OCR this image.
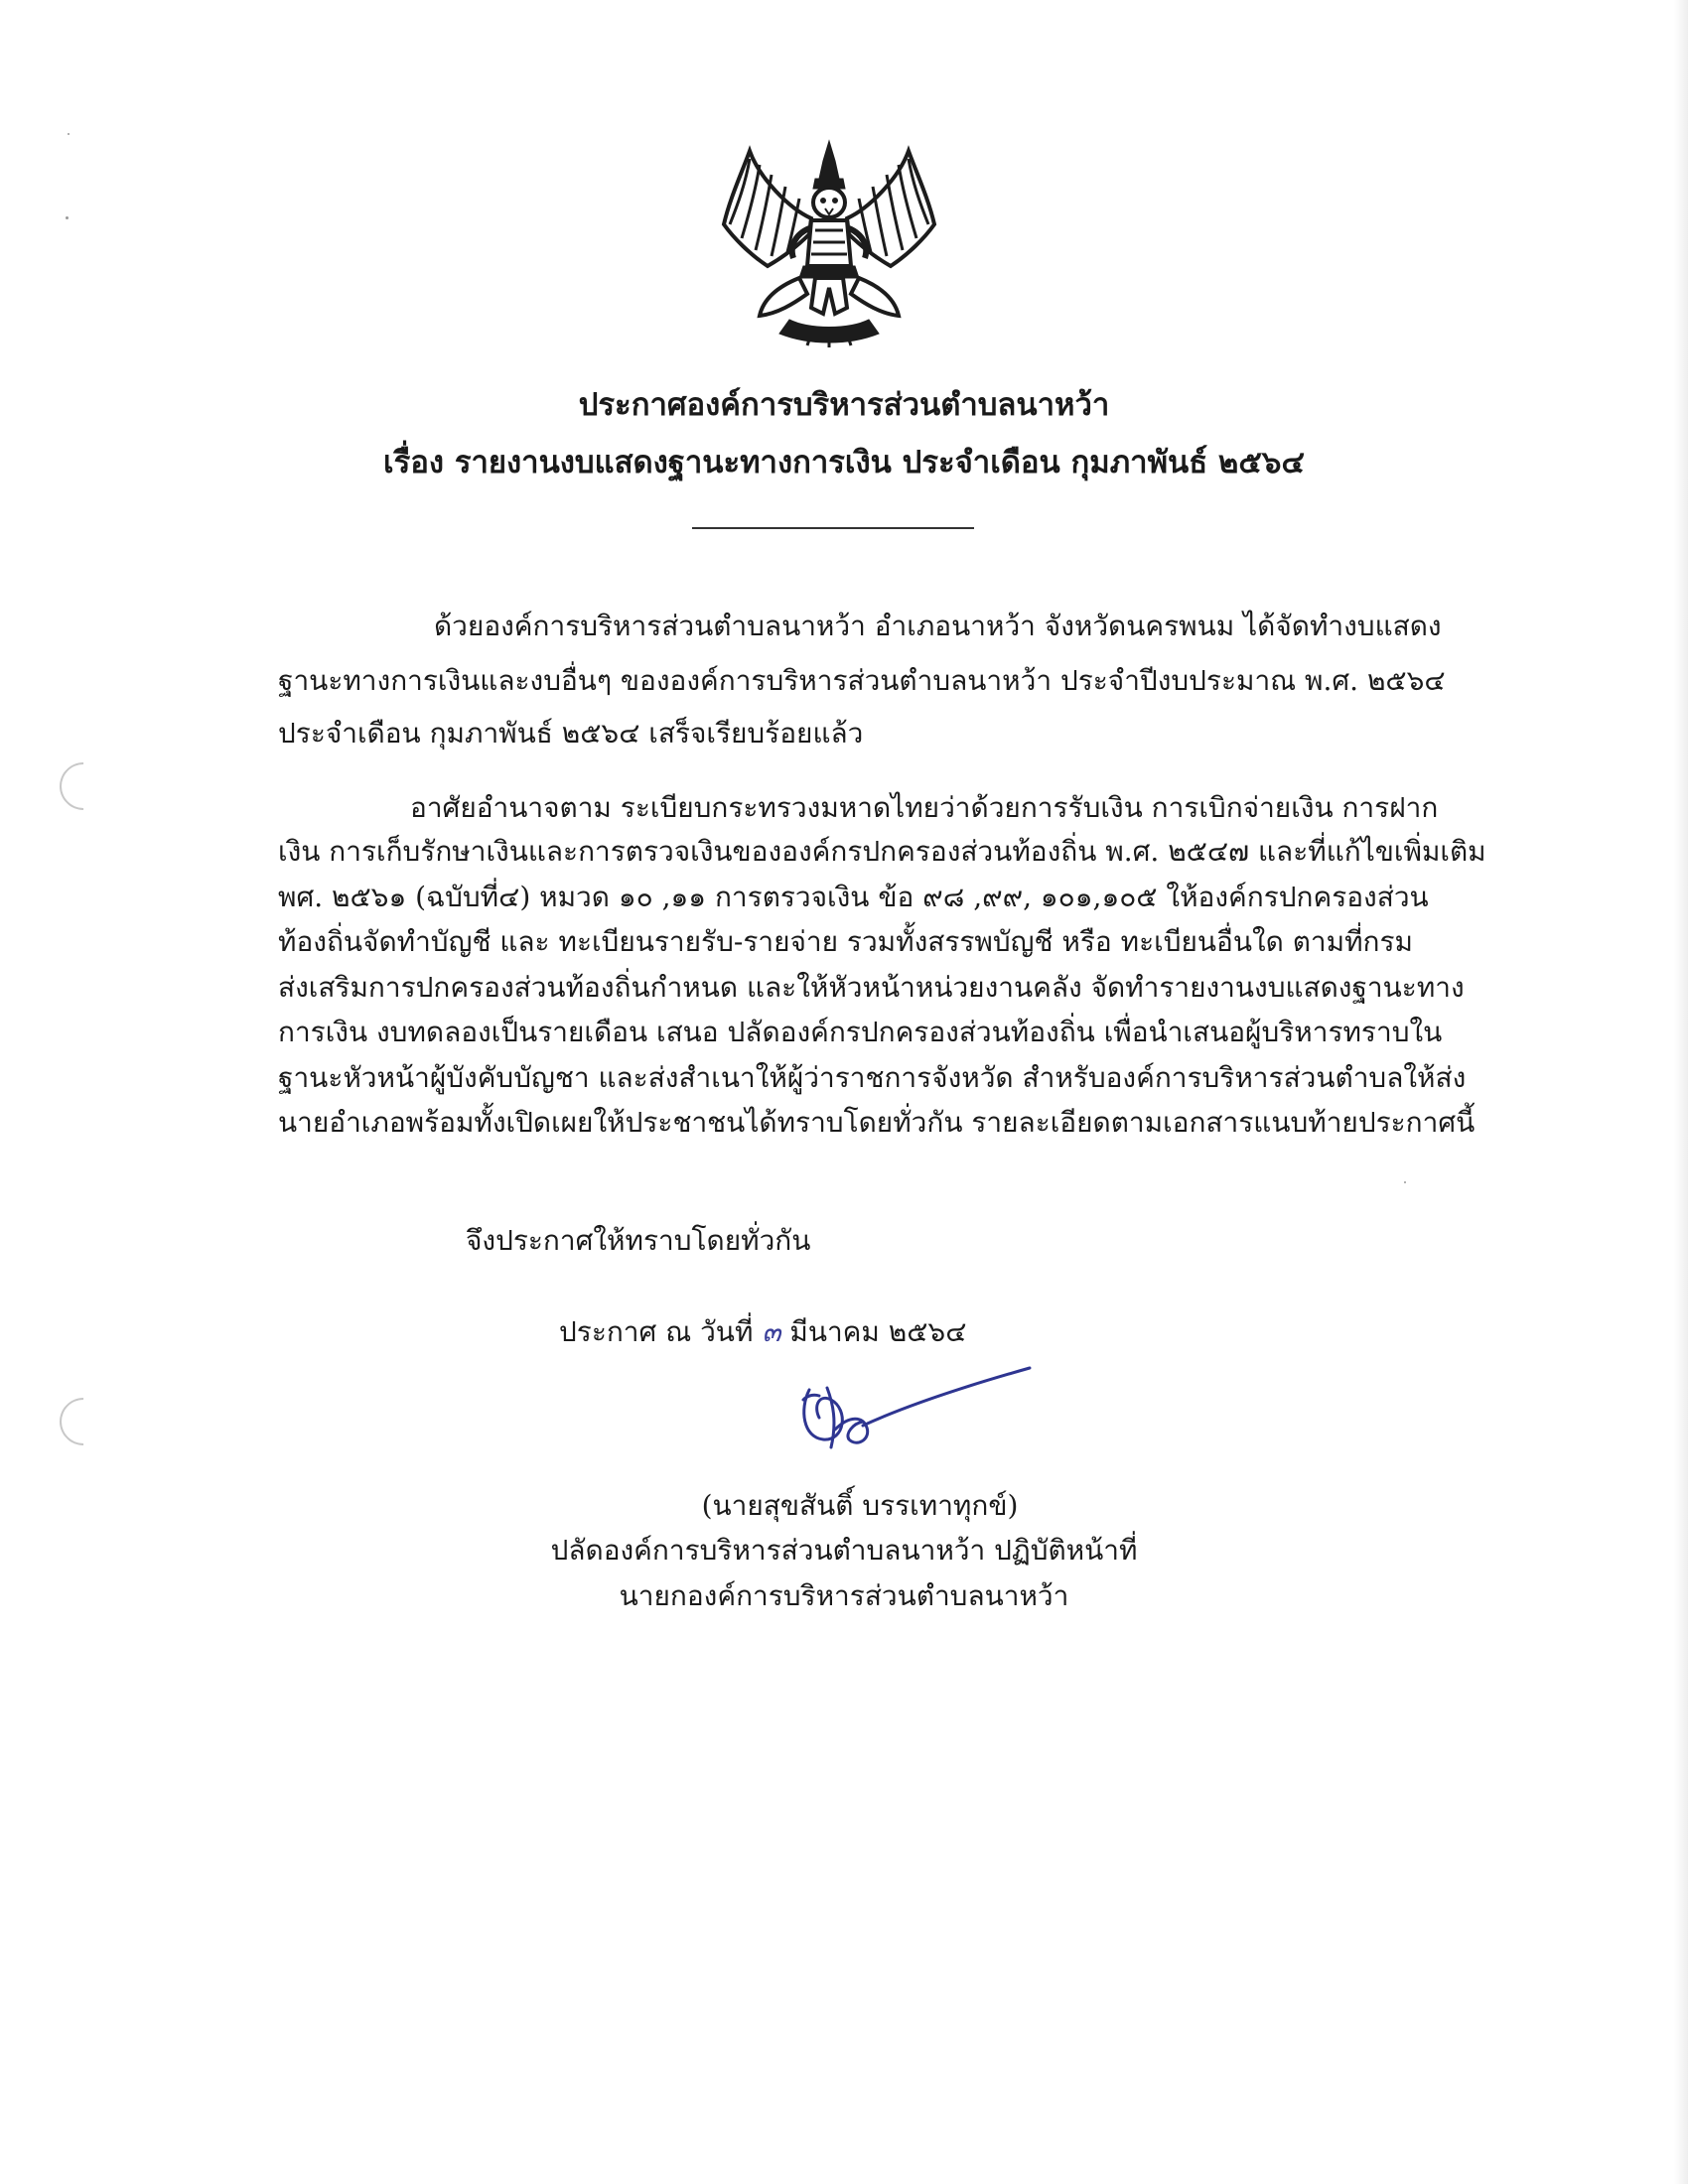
ประกาศองค์การบริหารส่วนตำบลนาหว้า
เรื่อง รายงานงบแสดงฐานะทางการเงิน ประจำเดือน กุมภาพันธ์ ๒๕๖๔
ด้วยองค์การบริหารส่วนตำบลนาหว้า อำเภอนาหว้า จังหวัดนครพนม ได้จัดทำงบแสดง
ฐานะทางการเงินและงบอื่นๆ ขององค์การบริหารส่วนตำบลนาหว้า ประจำปีงบประมาณ พ.ศ. ๒๕๖๔
ประจำเดือน กุมภาพันธ์ ๒๕๖๔ เสร็จเรียบร้อยแล้ว
อาศัยอำนาจตาม ระเบียบกระทรวงมหาดไทยว่าด้วยการรับเงิน การเบิกจ่ายเงิน การฝาก
เงิน การเก็บรักษาเงินและการตรวจเงินขององค์กรปกครองส่วนท้องถิ่น พ.ศ. ๒๕๔๗ และที่แก้ไขเพิ่มเติม
พศ. ๒๕๖๑ (ฉบับที่๔) หมวด ๑๐ ,๑๑ การตรวจเงิน ข้อ ๙๘ ,๙๙, ๑๐๑,๑๐๕ ให้องค์กรปกครองส่วน
ท้องถิ่นจัดทำบัญชี และ ทะเบียนรายรับ-รายจ่าย รวมทั้งสรรพบัญชี หรือ ทะเบียนอื่นใด ตามที่กรม
ส่งเสริมการปกครองส่วนท้องถิ่นกำหนด และให้หัวหน้าหน่วยงานคลัง จัดทำรายงานงบแสดงฐานะทาง
การเงิน งบทดลองเป็นรายเดือน เสนอ ปลัดองค์กรปกครองส่วนท้องถิ่น เพื่อนำเสนอผู้บริหารทราบใน
ฐานะหัวหน้าผู้บังคับบัญชา และส่งสำเนาให้ผู้ว่าราชการจังหวัด สำหรับองค์การบริหารส่วนตำบลให้ส่ง
นายอำเภอพร้อมทั้งเปิดเผยให้ประชาชนได้ทราบโดยทั่วกัน รายละเอียดตามเอกสารแนบท้ายประกาศนี้
จึงประกาศให้ทราบโดยทั่วกัน
ประกาศ ณ วันที่ ๓ มีนาคม ๒๕๖๔
(นายสุขสันติ์ บรรเทาทุกข์)
ปลัดองค์การบริหารส่วนตำบลนาหว้า ปฏิบัติหน้าที่
นายกองค์การบริหารส่วนตำบลนาหว้า
